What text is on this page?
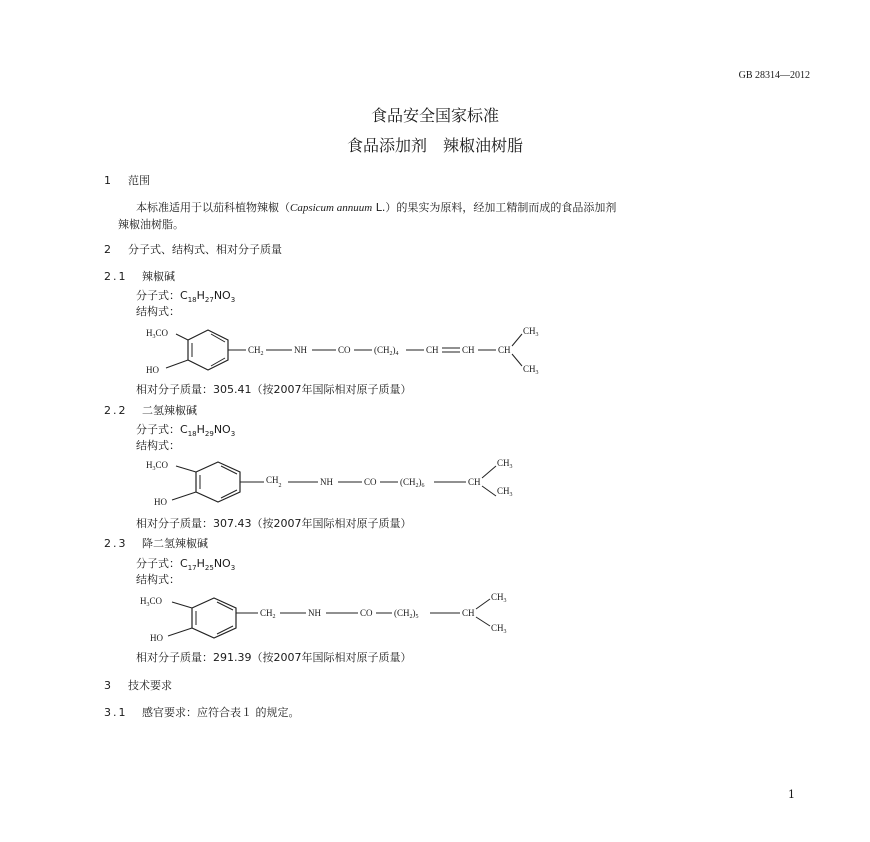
GB 28314—2012
食品安全国家标准
食品添加剂　辣椒油树脂
1 范围
本标准适用于以茄科植物辣椒（Capsicum annuum L.）的果实为原料，经加工精制而成的食品添加剂
辣椒油树脂。
2 分子式、结构式、相对分子质量
2.1 辣椒碱
分子式：$C_{18}H_{27}NO_3$
结构式：
$H_3CO$
HO
$CH_2$	NH	CO	$(CH_2)_4$	CH	CH	CH
$CH_3$
$CH_3$
相对分子质量：305.41（按2007年国际相对原子质量）
2.2 二氢辣椒碱
分子式：$C_{18}H_{29}NO_3$
结构式：
$H_3CO$
HO
$CH_2$	NH	CO	$(CH_2)_6$	CH
$CH_3$
$CH_3$
相对分子质量：307.43（按2007年国际相对原子质量）
2.3 降二氢辣椒碱
分子式：$C_{17}H_{25}NO_3$
结构式：
$H_3CO$
HO
$CH_2$	NH	CO $(CH_2)_5$	CH
$CH_3$
$CH_3$
相对分子质量：291.39（按2007年国际相对原子质量）
3 技术要求
3.1 感官要求：应符合表１ 的规定。
1
